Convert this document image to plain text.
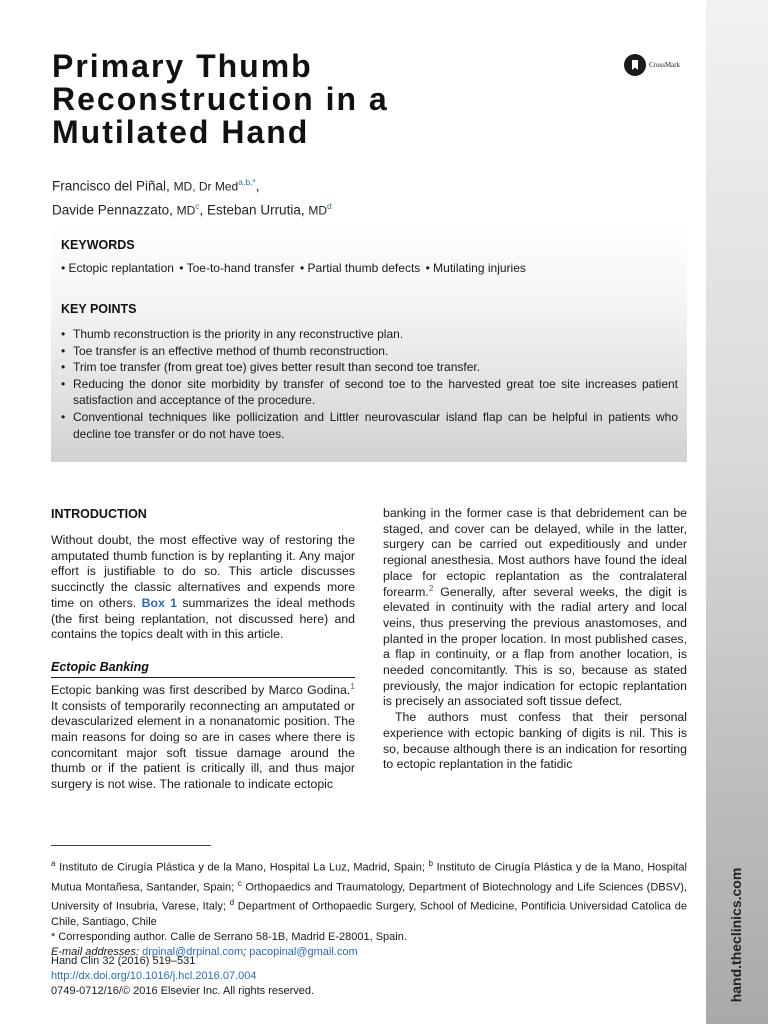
hand.theclinics.com
Primary Thumb
Reconstruction in a
Mutilated Hand
CrossMark
Francisco del Piñal, MD, Dr Med$^{a,b,*}$,
Davide Pennazzato, $MD^c$, Esteban Urrutia, $MD^d$
KEYWORDS
• Ectopic replantation • Toe-to-hand transfer • Partial thumb defects • Mutilating injuries
KEY POINTS
• Thumb reconstruction is the priority in any reconstructive plan.
• Toe transfer is an effective method of thumb reconstruction.
• Trim toe transfer (from great toe) gives better result than second toe transfer.
• Reducing the donor site morbidity by transfer of second toe to the harvested great toe site increases patient satisfaction and acceptance of the procedure.
• Conventional techniques like pollicization and Littler neurovascular island flap can be helpful in patients who decline toe transfer or do not have toes.
INTRODUCTION

Without doubt, the most effective way of restoring the amputated thumb function is by replanting it. Any major effort is justifiable to do so. This article discusses succinctly the classic alternatives and expends more time on others. Box 1 summarizes the ideal methods (the first being replantation, not discussed here) and contains the topics dealt with in this article.

Ectopic Banking

Ectopic banking was first described by Marco Godina.$^1$ It consists of temporarily reconnecting an amputated or devascularized element in a nonanatomic position. The main reasons for doing so are in cases where there is concomitant major soft tissue damage around the thumb or if the patient is critically ill, and thus major surgery is not wise. The rationale to indicate ectopic

banking in the former case is that debridement can be staged, and cover can be delayed, while in the latter, surgery can be carried out expeditiously and under regional anesthesia. Most authors have found the ideal place for ectopic replantation as the contralateral forearm.$^2$ Generally, after several weeks, the digit is elevated in continuity with the radial artery and local veins, thus preserving the previous anastomoses, and planted in the proper location. In most published cases, a flap in continuity, or a flap from another location, is needed concomitantly. This is so, because as stated previously, the major indication for ectopic replantation is precisely an associated soft tissue defect.

The authors must confess that their personal experience with ectopic banking of digits is nil. This is so, because although there is an indication for resorting to ectopic replantation in the fatidic

$^a$ Instituto de Cirugía Plástica y de la Mano, Hospital La Luz, Madrid, Spain; $^b$ Instituto de Cirugía Plástica y de la Mano, Hospital Mutua Montañesa, Santander, Spain; $^c$ Orthopaedics and Traumatology, Department of Biotechnology and Life Sciences (DBSV), University of Insubria, Varese, Italy; $^d$ Department of Orthopaedic Surgery, School of Medicine, Pontificia Universidad Catolica de Chile, Santiago, Chile
* Corresponding author. Calle de Serrano 58-1B, Madrid E-28001, Spain.
E-mail addresses: drpinal@drpinal.com; pacopinal@gmail.com
Hand Clin 32 (2016) 519–531
http://dx.doi.org/10.1016/j.hcl.2016.07.004
0749-0712/16/© 2016 Elsevier Inc. All rights reserved.
